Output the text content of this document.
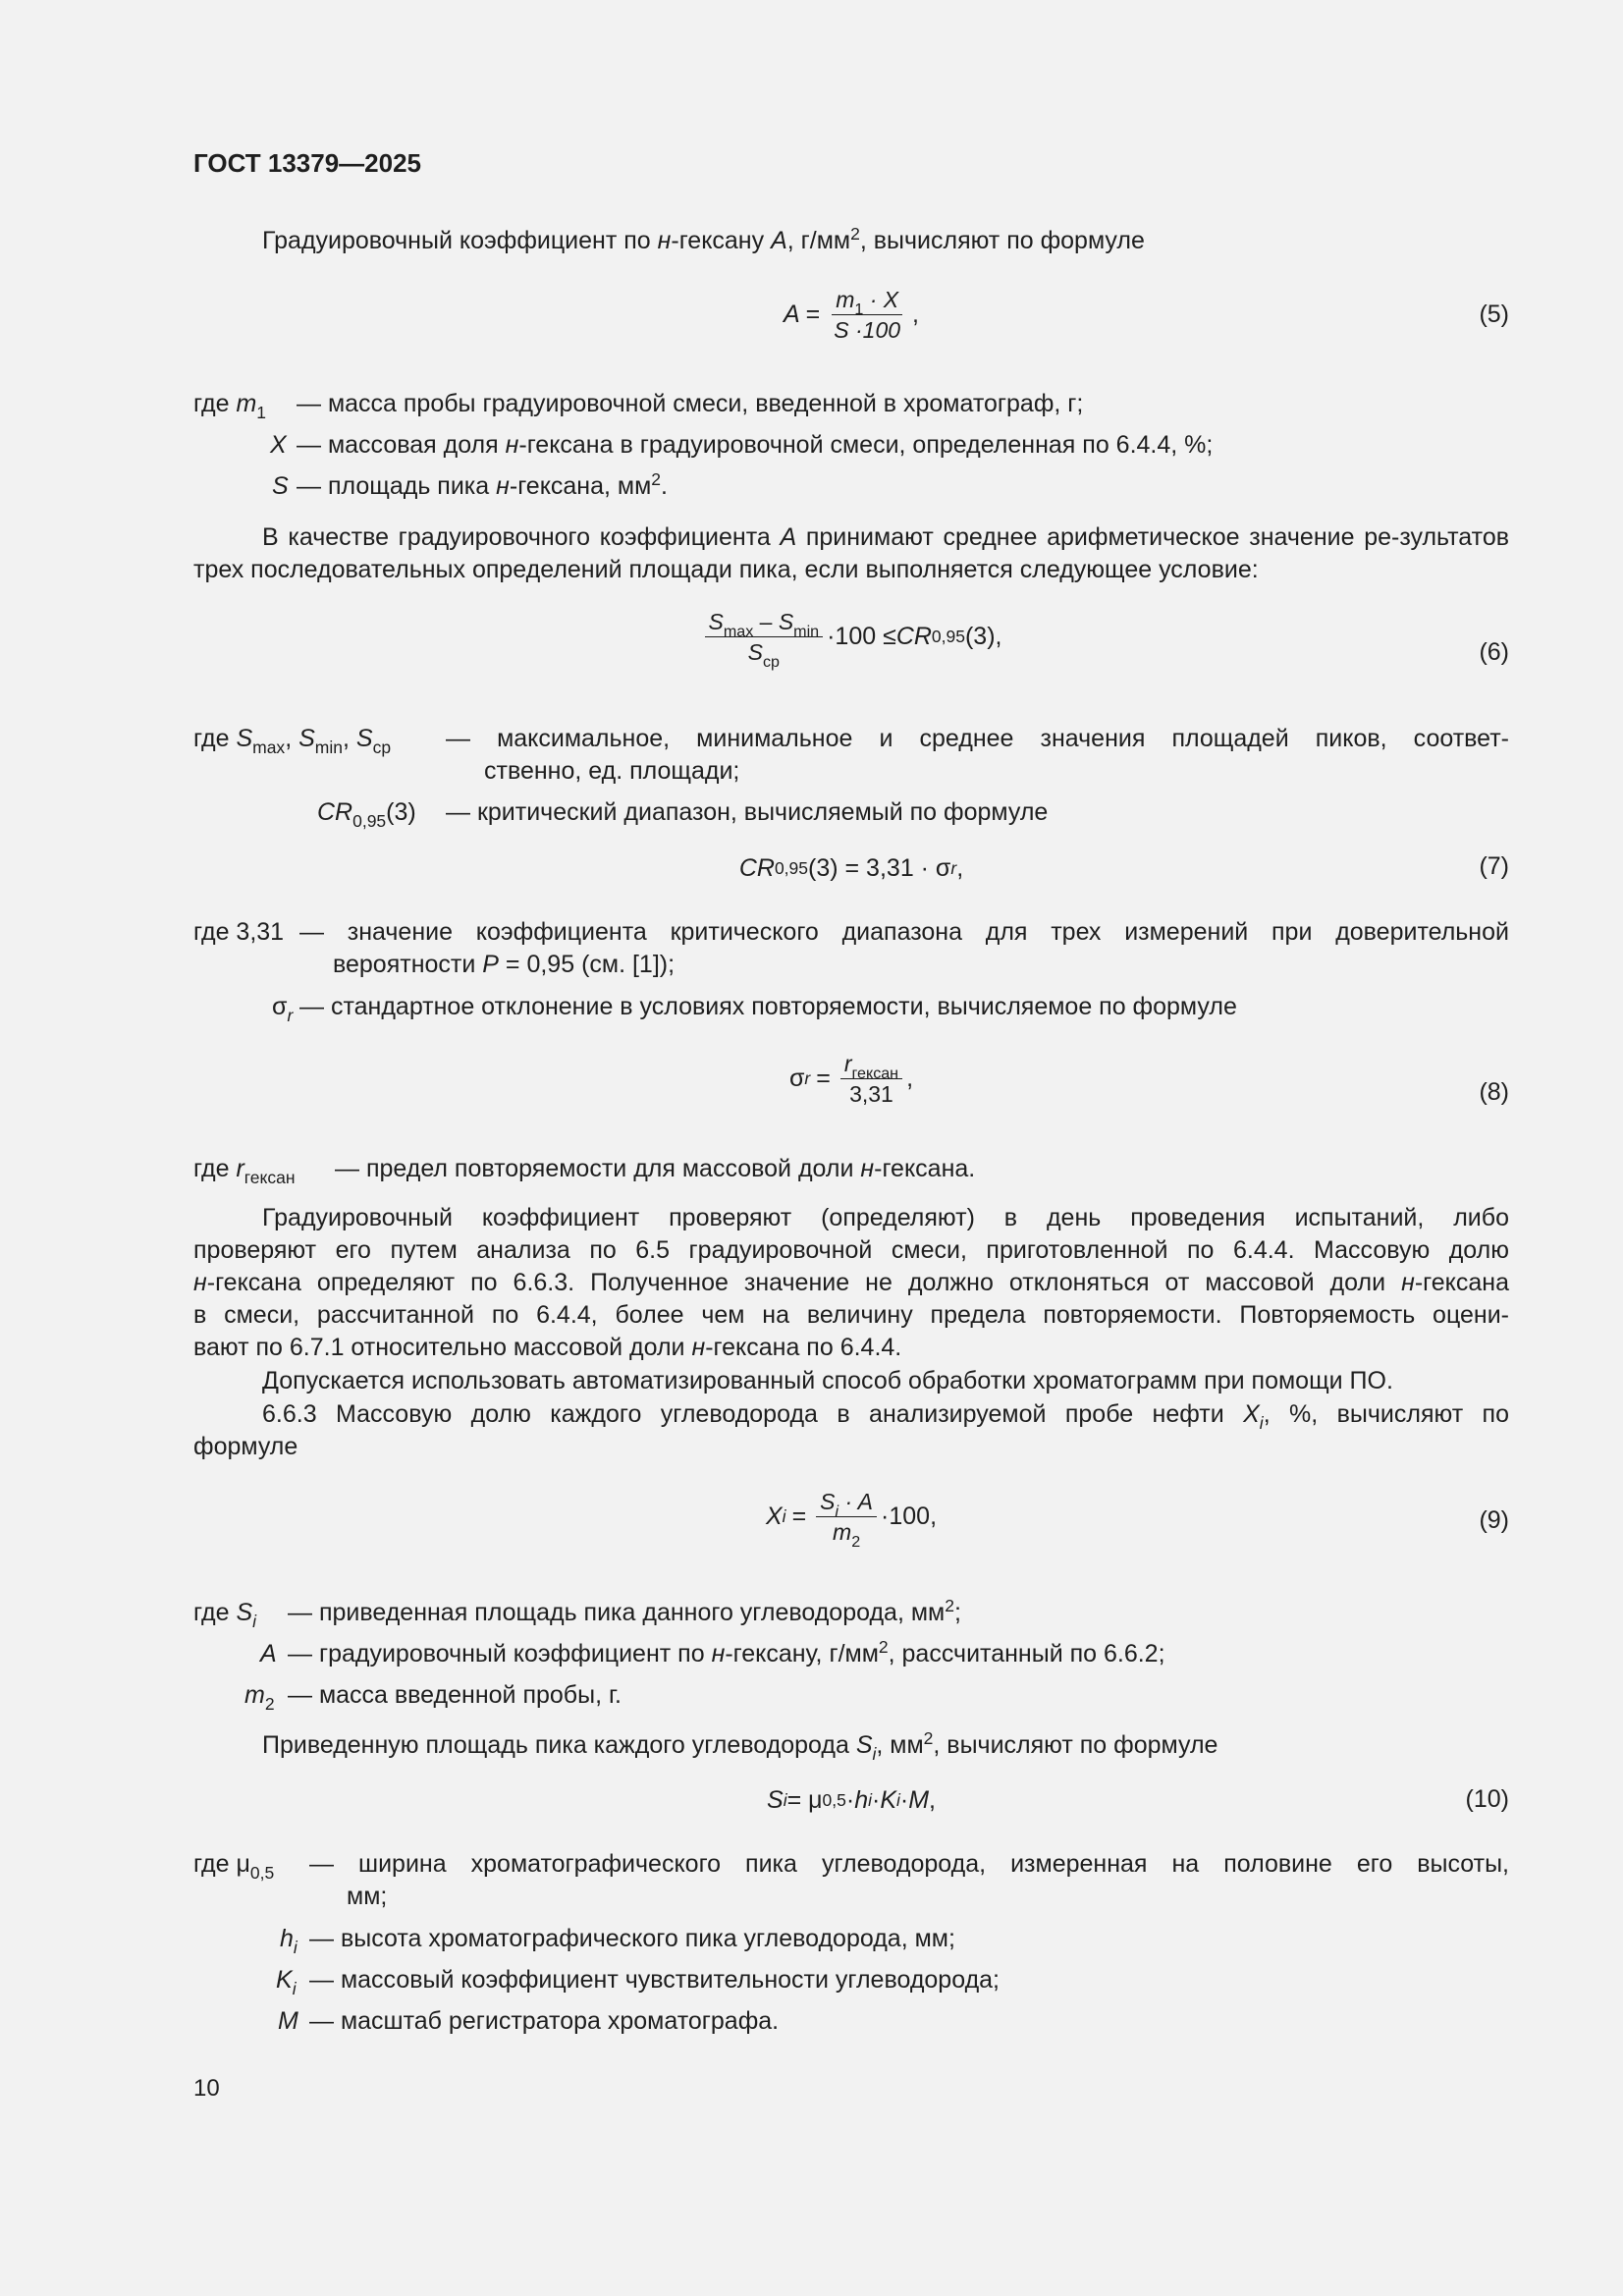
ГОСТ 13379—2025
Градуировочный коэффициент по н-гексану A, $г/мм^2$, вычисляют по формуле
$A = \frac{m_1 \cdot X}{S \cdot 100}$ ,	(5)
где $m_1$ — масса пробы градуировочной смеси, введенной в хроматограф, г;
X — массовая доля н-гексана в градуировочной смеси, определенная по 6.4.4, %;
S — площадь пика н-гексана, $мм^2$.
В качестве градуировочного коэффициента A принимают среднее арифметическое значение ре-зультатов трех последовательных определений площади пика, если выполняется следующее условие:
$\frac{S_{max} - S_{min}}{S_{ср}} \cdot 100$ ≤ CR 0,95 (3),
(6)
где $S_{max}$, $S_{min}$, $S_{ср}$ — максимальное, минимальное и среднее значения площадей пиков, соответ-
ственно, ед. площади;
$CR_{0,95}(3)$ — критический диапазон, вычисляемый по формуле
CR 0,95 (3) = 3,31 · σ r ,	(7)
где 3,31 — значение коэффициента критического диапазона для трех измерений при доверительной
вероятности P = 0,95 (см. [1]);
$\sigma_r$ — стандартное отклонение в условиях повторяемости, вычисляемое по формуле
σ $r = \frac{r_{гексан}}{3,31}$ ,
(8)
где $r_{гексан}$ — предел повторяемости для массовой доли н-гексана.
Градуировочный коэффициент проверяют (определяют) в день проведения испытаний, либо
проверяют его путем анализа по 6.5 градуировочной смеси, приготовленной по 6.4.4. Массовую долю
н-гексана определяют по 6.6.3. Полученное значение не должно отклоняться от массовой доли н-гексана
в смеси, рассчитанной по 6.4.4, более чем на величину предела повторяемости. Повторяемость оцени-
вают по 6.7.1 относительно массовой доли н-гексана по 6.4.4.
Допускается использовать автоматизированный способ обработки хроматограмм при помощи ПО.
6.6.3 Массовую долю каждого углеводорода в анализируемой пробе нефти $X_i$, %, вычисляют по
формуле
X $i = \frac{S_i \cdot A}{m_2} \cdot 100$,	(9)
где $S_i$ — приведенная площадь пика данного углеводорода, $мм^2$;
A — градуировочный коэффициент по н-гексану, $г/мм^2$, рассчитанный по 6.6.2;
$m_2$ — масса введенной пробы, г.
Приведенную площадь пика каждого углеводорода $S_i$, $мм^2$, вычисляют по формуле
S i = μ 0,5 · h i · K i · M ,	(10)
где $\mu_{0,5}$ — ширина хроматографического пика углеводорода, измеренная на половине его высоты,
мм;
$h_i$ — высота хроматографического пика углеводорода, мм;
$K_i$ — массовый коэффициент чувствительности углеводорода;
M — масштаб регистратора хроматографа.
10
